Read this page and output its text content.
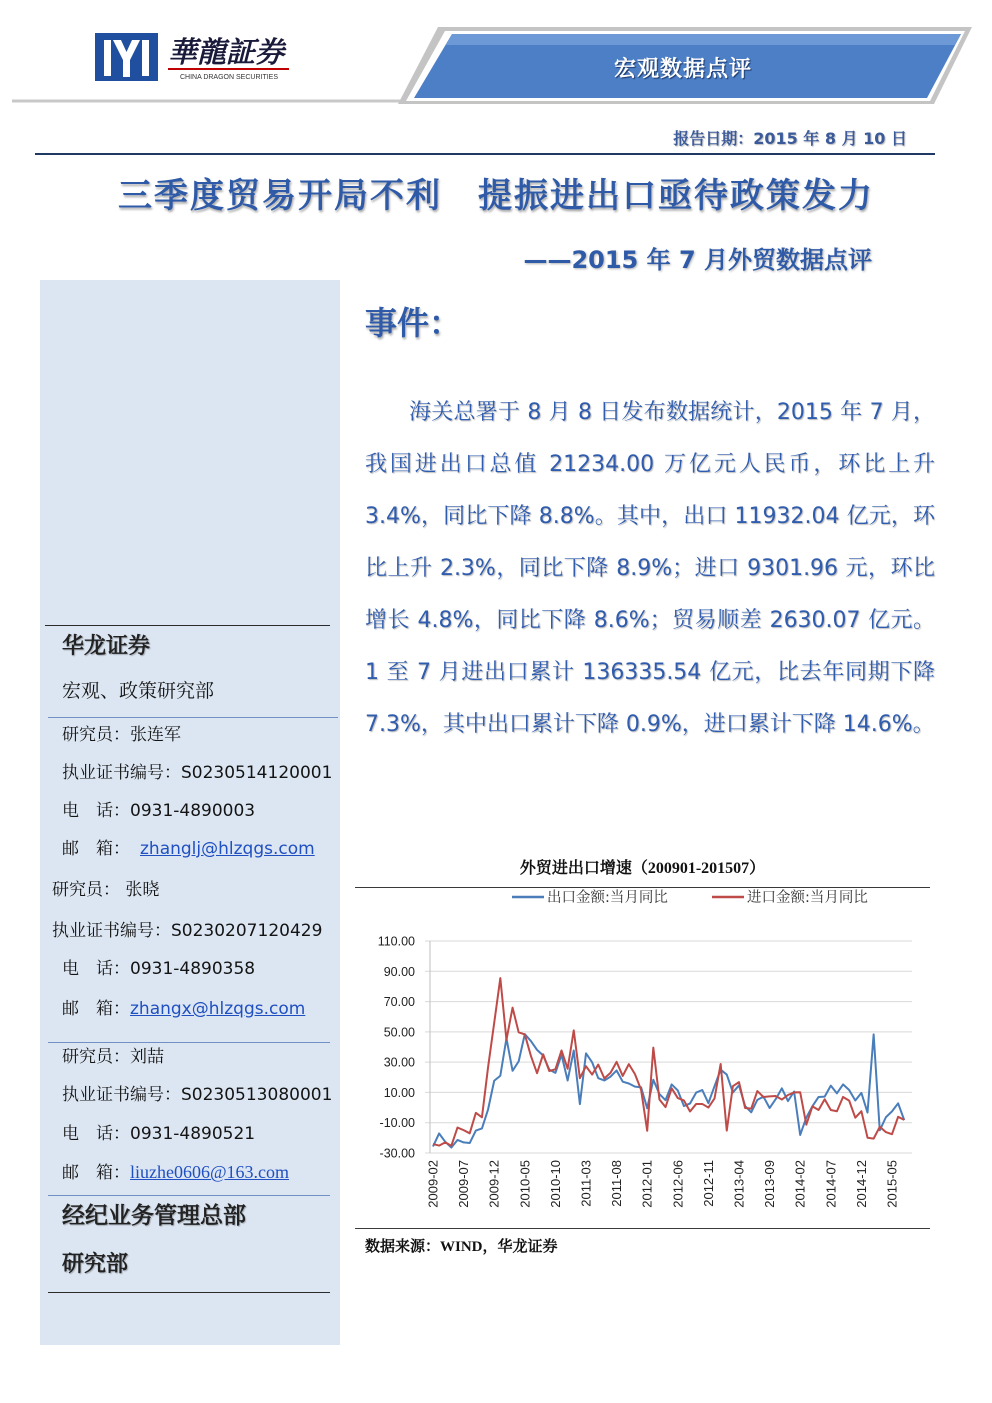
華龍証券
CHINA DRAGON SECURITIES	宏观数据点评
报告日期：2015 年 8 月 10 日
三季度贸易开局不利　提振进出口亟待政策发力
——2015 年 7 月外贸数据点评
华龙证券
宏观、政策研究部
研究员：张连军
执业证书编号：S0230514120001
电　话：0931-4890003
邮　箱： zhanglj@hlzqgs.com
研究员： 张晓
执业证书编号：S0230207120429
电　话：0931-4890358
邮　箱：zhangx@hlzqgs.com
研究员：刘喆
执业证书编号：S0230513080001
电　话：0931-4890521
邮　箱：liuzhe0606@163.com
经纪业务管理总部
研究部
事件：

海关总署于 8 月 8 日发布数据统计，2015 年 7 月，我国进出口总值 21234.00 万亿元人民币，环比上升 3.4%，同比下降 8.8%。其中，出口 11932.04 亿元，环比上升 2.3%，同比下降 8.9%；进口 9301.96 元，环比增长 4.8%，同比下降 8.6%；贸易顺差 2630.07 亿元。1 至 7 月进出口累计 136335.54 亿元，比去年同期下降 7.3%，其中出口累计下降 0.9%，进口累计下降 14.6%。

外贸进出口增速（200901-201507）
110.00
90.00
70.00
50.00
30.00
10.00
-10.00
-30.00
2009-02 2009-07 2009-12 2010-05 2010-10 2011-03 2011-08 2012-01 2012-06 2012-11 2013-04 2013-09 2014-02 2014-07 2014-12 2015-05
出口金额:当月同比	进口金额:当月同比
数据来源：WIND，华龙证券
